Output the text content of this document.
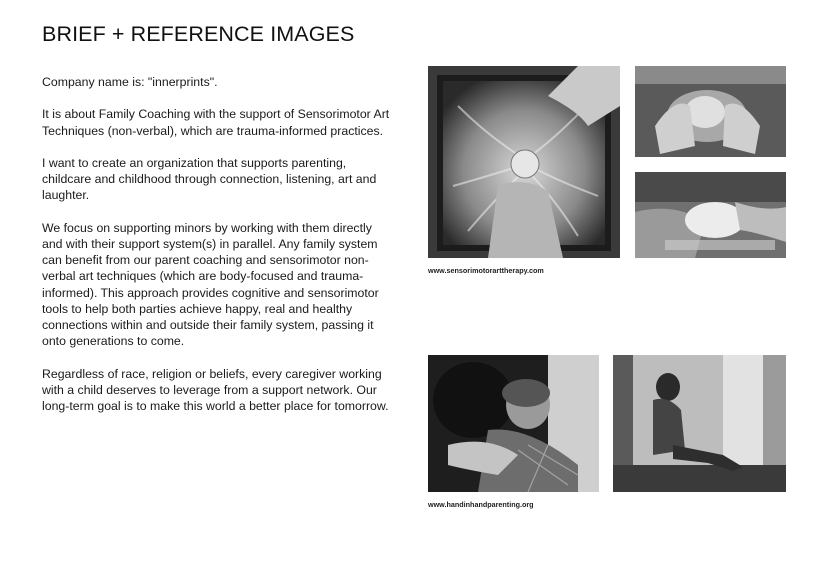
BRIEF + REFERENCE IMAGES

Company name is: "innerprints".

It is about Family Coaching with the support of Sensorimotor Art Techniques (non-verbal), which are trauma-informed practices.

I want to create an organization that supports parenting, childcare and childhood through connection, listening, art and laughter.

We focus on supporting minors by working with them directly and with their support system(s) in parallel. Any family system can benefit from our parent coaching and sensorimotor non-verbal art techniques (which are body-focused and trauma-informed). This approach provides cognitive and sensorimotor tools to help both parties achieve happy, real and healthy connections within and outside their family system, passing it onto generations to come.

Regardless of race, religion or beliefs, every caregiver working with a child deserves to leverage from a support network. Our long-term goal is to make this world a better place for tomorrow.

www.sensorimotorarttherapy.com
www.handinhandparenting.org
